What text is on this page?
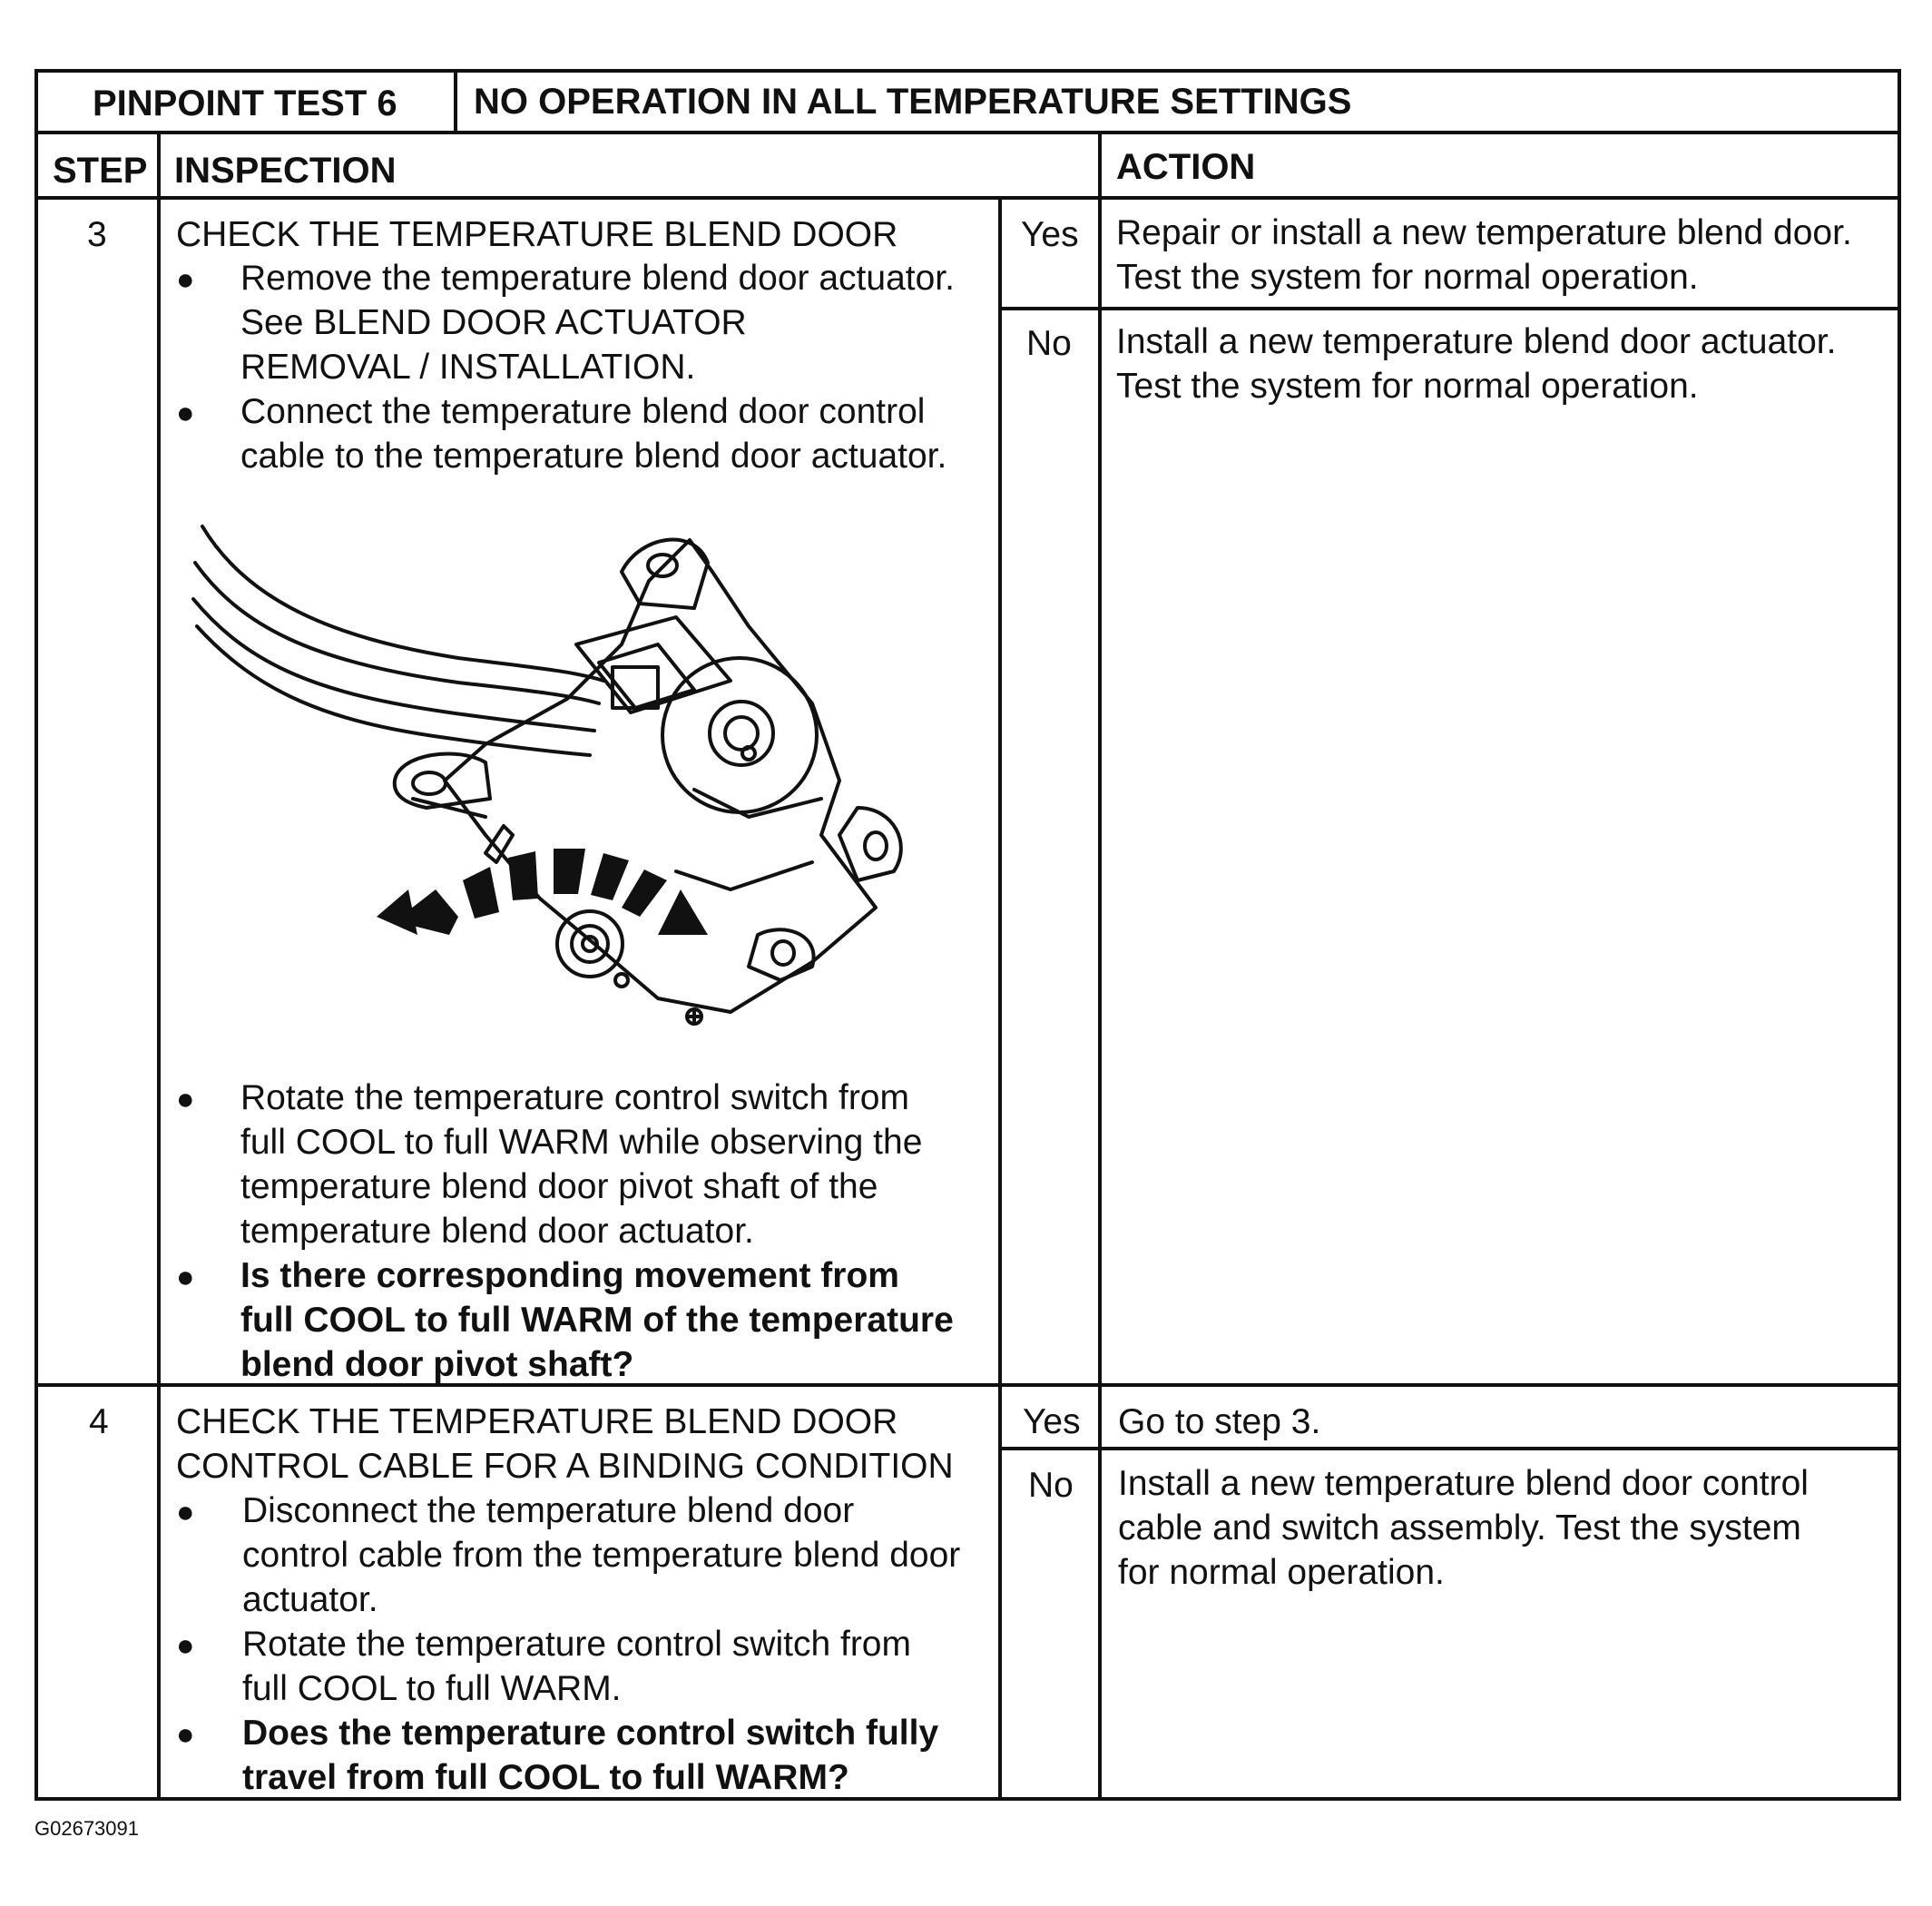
PINPOINT TEST 6 NO OPERATION IN ALL TEMPERATURE SETTINGS
STEP INSPECTION	ACTION
3 CHECK THE TEMPERATURE BLEND DOOR
● Remove the temperature blend door actuator.
See BLEND DOOR ACTUATOR
REMOVAL / INSTALLATION.
● Connect the temperature blend door control
cable to the temperature blend door actuator.
● Rotate the temperature control switch from
full COOL to full WARM while observing the
temperature blend door pivot shaft of the
temperature blend door actuator.
● Is there corresponding movement from
full COOL to full WARM of the temperature
blend door pivot shaft?
Yes Repair or install a new temperature blend door.
Test the system for normal operation.
No Install a new temperature blend door actuator.
Test the system for normal operation.
4 CHECK THE TEMPERATURE BLEND DOOR
CONTROL CABLE FOR A BINDING CONDITION
● Disconnect the temperature blend door
control cable from the temperature blend door
actuator.
● Rotate the temperature control switch from
full COOL to full WARM.
● Does the temperature control switch fully
travel from full COOL to full WARM?
Yes Go to step 3.
No Install a new temperature blend door control
cable and switch assembly. Test the system
for normal operation.
G02673091
